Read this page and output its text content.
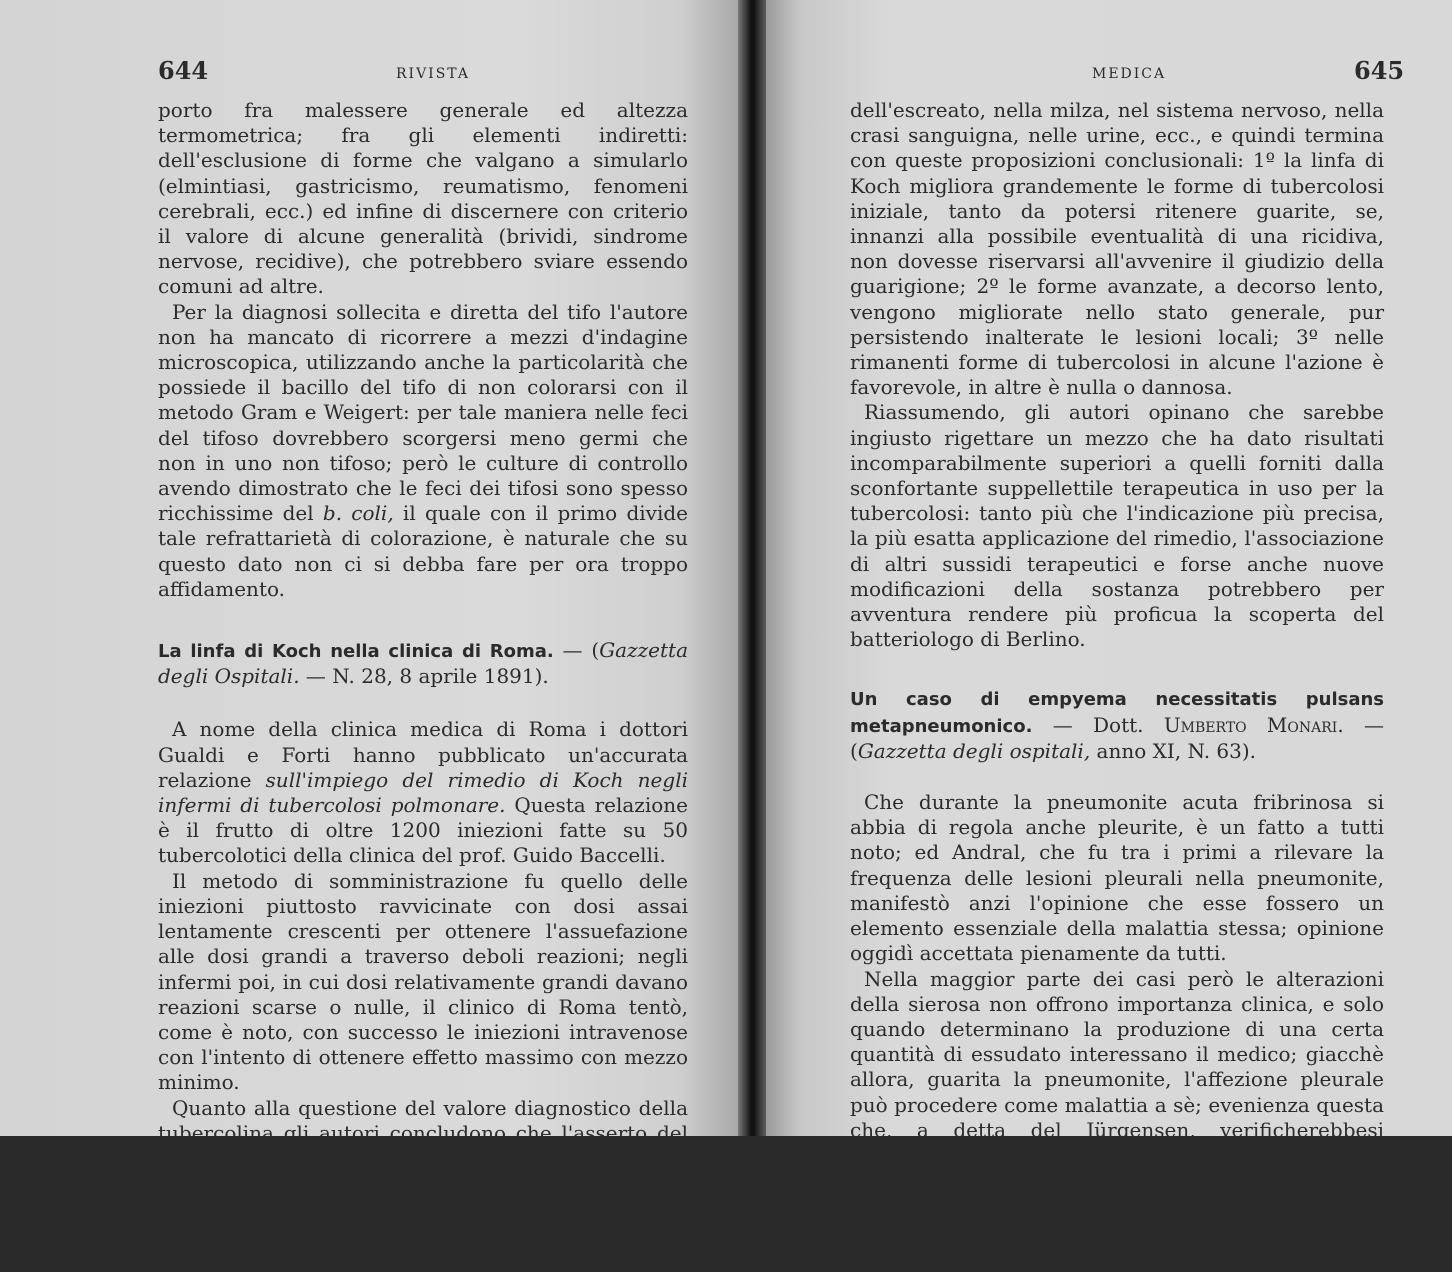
644	RIVISTA

porto fra malessere generale ed altezza termometrica; fra gli elementi indiretti: dell'esclusione di forme che valgano a simularlo (elmintiasi, gastricismo, reumatismo, fenomeni cerebrali, ecc.) ed infine di discernere con criterio il valore di alcune generalità (brividi, sindrome nervose, recidive), che potrebbero sviare essendo comuni ad altre.

Per la diagnosi sollecita e diretta del tifo l'autore non ha mancato di ricorrere a mezzi d'indagine microscopica, utilizzando anche la particolarità che possiede il bacillo del tifo di non colorarsi con il metodo Gram e Weigert: per tale maniera nelle feci del tifoso dovrebbero scorgersi meno germi che non in uno non tifoso; però le culture di controllo avendo dimostrato che le feci dei tifosi sono spesso ricchissime del b. coli, il quale con il primo divide tale refrattarietà di colorazione, è naturale che su questo dato non ci si debba fare per ora troppo affidamento.

La linfa di Koch nella clinica di Roma. — (Gazzetta degli Ospitali. — N. 28, 8 aprile 1891).

A nome della clinica medica di Roma i dottori Gualdi e Forti hanno pubblicato un'accurata relazione sull'impiego del rimedio di Koch negli infermi di tubercolosi polmonare. Questa relazione è il frutto di oltre 1200 iniezioni fatte su 50 tubercolotici della clinica del prof. Guido Baccelli.

Il metodo di somministrazione fu quello delle iniezioni piuttosto ravvicinate con dosi assai lentamente crescenti per ottenere l'assuefazione alle dosi grandi a traverso deboli reazioni; negli infermi poi, in cui dosi relativamente grandi davano reazioni scarse o nulle, il clinico di Roma tentò, come è noto, con successo le iniezioni intravenose con l'intento di ottenere effetto massimo con mezzo minimo.

Quanto alla questione del valore diagnostico della tubercolina gli autori concludono che l'asserto del Koch non è contestabile in genere, ma non gode la importanza di proporzione assoluta.

La relazione tratta quindi dei fenomeni cagionati dalla linfa nell'apparato circolatorio e nel respiratorio, nei bacilli

MEDICA	645

dell'escreato, nella milza, nel sistema nervoso, nella crasi sanguigna, nelle urine, ecc., e quindi termina con queste proposizioni conclusionali: 1º la linfa di Koch migliora grandemente le forme di tubercolosi iniziale, tanto da potersi ritenere guarite, se, innanzi alla possibile eventualità di una ricidiva, non dovesse riservarsi all'avvenire il giudizio della guarigione; 2º le forme avanzate, a decorso lento, vengono migliorate nello stato generale, pur persistendo inalterate le lesioni locali; 3º nelle rimanenti forme di tubercolosi in alcune l'azione è favorevole, in altre è nulla o dannosa.

Riassumendo, gli autori opinano che sarebbe ingiusto rigettare un mezzo che ha dato risultati incomparabilmente superiori a quelli forniti dalla sconfortante suppellettile terapeutica in uso per la tubercolosi: tanto più che l'indicazione più precisa, la più esatta applicazione del rimedio, l'associazione di altri sussidi terapeutici e forse anche nuove modificazioni della sostanza potrebbero per avventura rendere più proficua la scoperta del batteriologo di Berlino.

Un caso di empyema necessitatis pulsans metapneumonico. — Dott. Umberto Monari. — (Gazzetta degli ospitali, anno XI, N. 63).

Che durante la pneumonite acuta fribrinosa si abbia di regola anche pleurite, è un fatto a tutti noto; ed Andral, che fu tra i primi a rilevare la frequenza delle lesioni pleurali nella pneumonite, manifestò anzi l'opinione che esse fossero un elemento essenziale della malattia stessa; opinione oggidì accettata pienamente da tutti.

Nella maggior parte dei casi però le alterazioni della sierosa non offrono importanza clinica, e solo quando determinano la produzione di una certa quantità di essudato interessano il medico; giacchè allora, guarita la pneumonite, l'affezione pleurale può procedere come malattia a sè; evenienza questa che, a detta del Jürgensen, verificherebbesi unicamente quando l'essudato raggiunga il peso almeno di 500 grammi.

Tale successione morbosa è sempre importante, ma alcune
